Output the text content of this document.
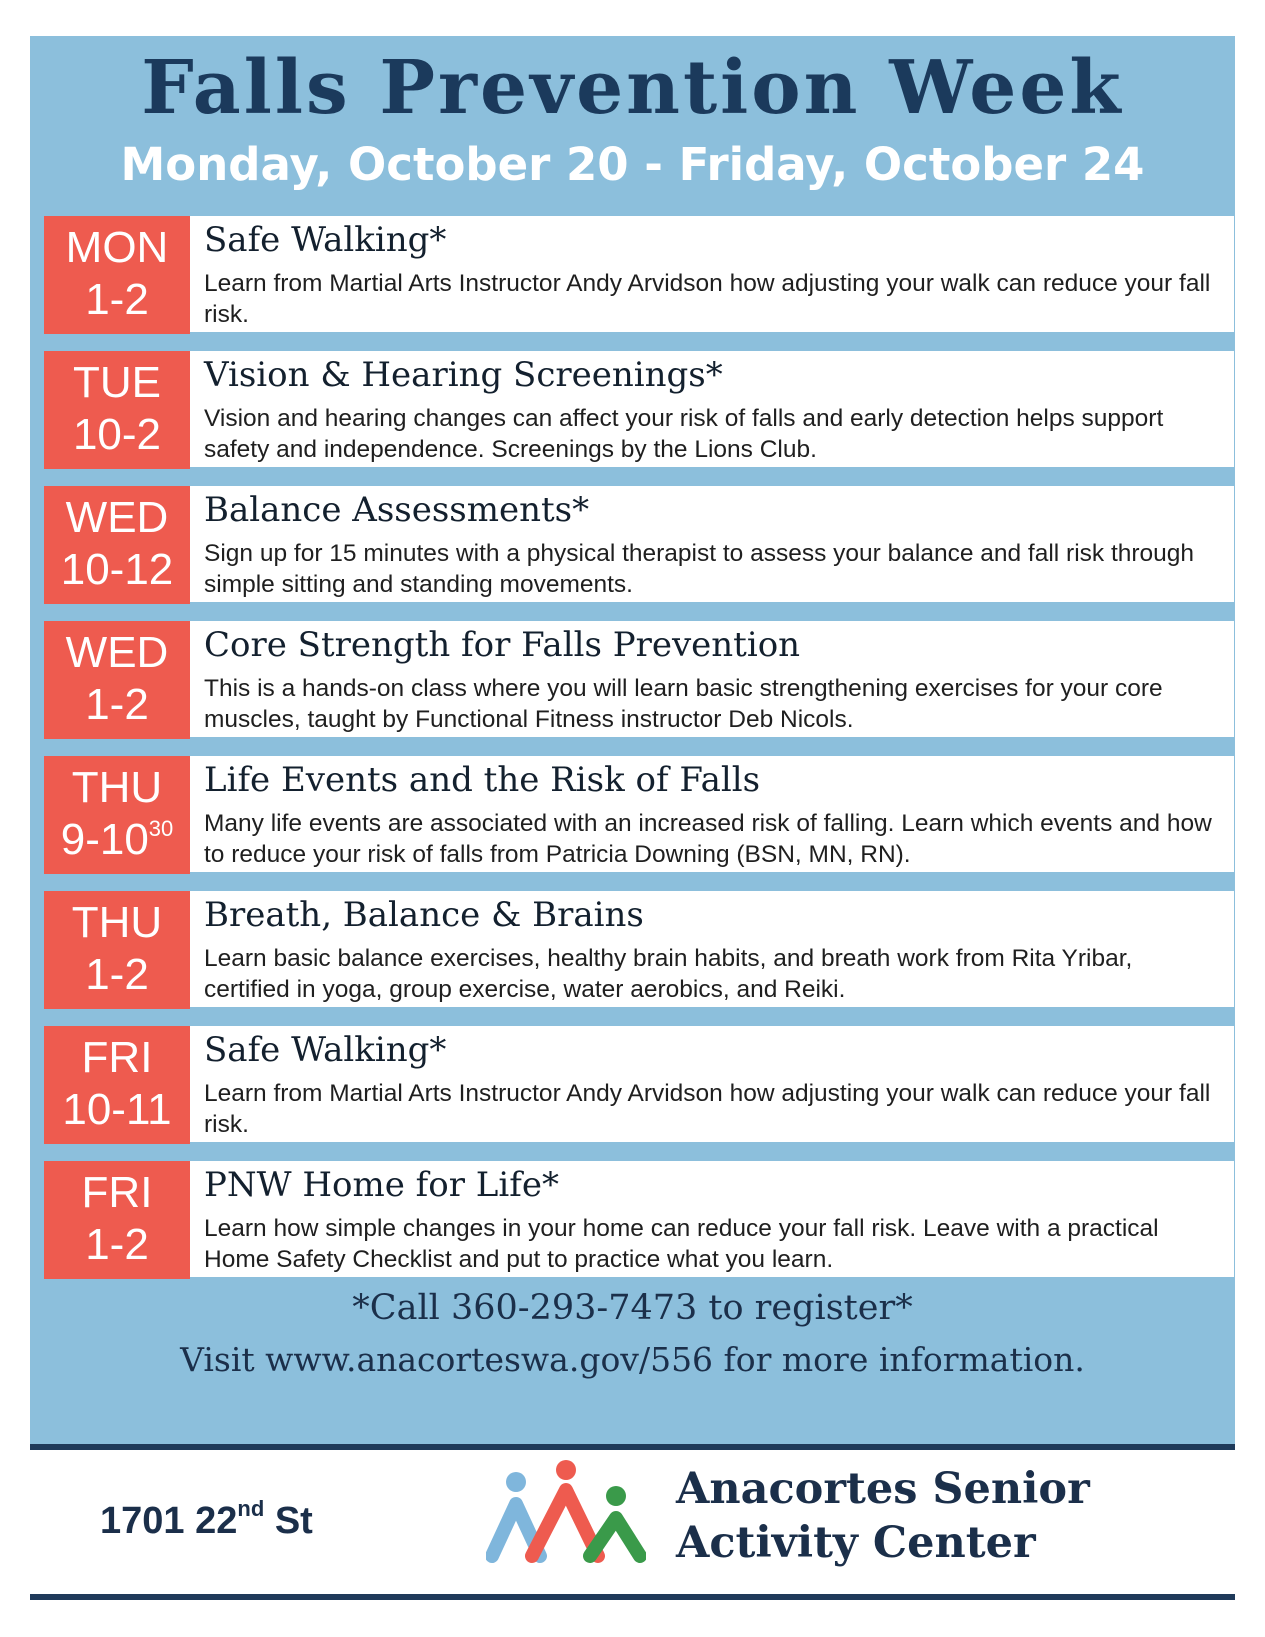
Falls Prevention Week
Monday, October 20 - Friday, October 24
MON
1-2
Safe Walking*
Learn from Martial Arts Instructor Andy Arvidson how adjusting your walk can reduce your fall risk.
TUE
10-2
Vision & Hearing Screenings*
Vision and hearing changes can affect your risk of falls and early detection helps support safety and independence. Screenings by the Lions Club.
WED
10-12
Balance Assessments*
Sign up for 15 minutes with a physical therapist to assess your balance and fall risk through simple sitting and standing movements.
WED
1-2
Core Strength for Falls Prevention
This is a hands-on class where you will learn basic strengthening exercises for your core muscles, taught by Functional Fitness instructor Deb Nicols.
THU
$9-10^{30}$
Life Events and the Risk of Falls
Many life events are associated with an increased risk of falling. Learn which events and how to reduce your risk of falls from Patricia Downing (BSN, MN, RN).
THU
1-2
Breath, Balance & Brains
Learn basic balance exercises, healthy brain habits, and breath work from Rita Yribar, certified in yoga, group exercise, water aerobics, and Reiki.
FRI
10-11
Safe Walking*
Learn from Martial Arts Instructor Andy Arvidson how adjusting your walk can reduce your fall risk.
FRI
1-2
PNW Home for Life*
Learn how simple changes in your home can reduce your fall risk. Leave with a practical Home Safety Checklist and put to practice what you learn.
*Call 360-293-7473 to register*
Visit www.anacorteswa.gov/556 for more information.
1701 22nd St
Anacortes Senior
Activity Center
